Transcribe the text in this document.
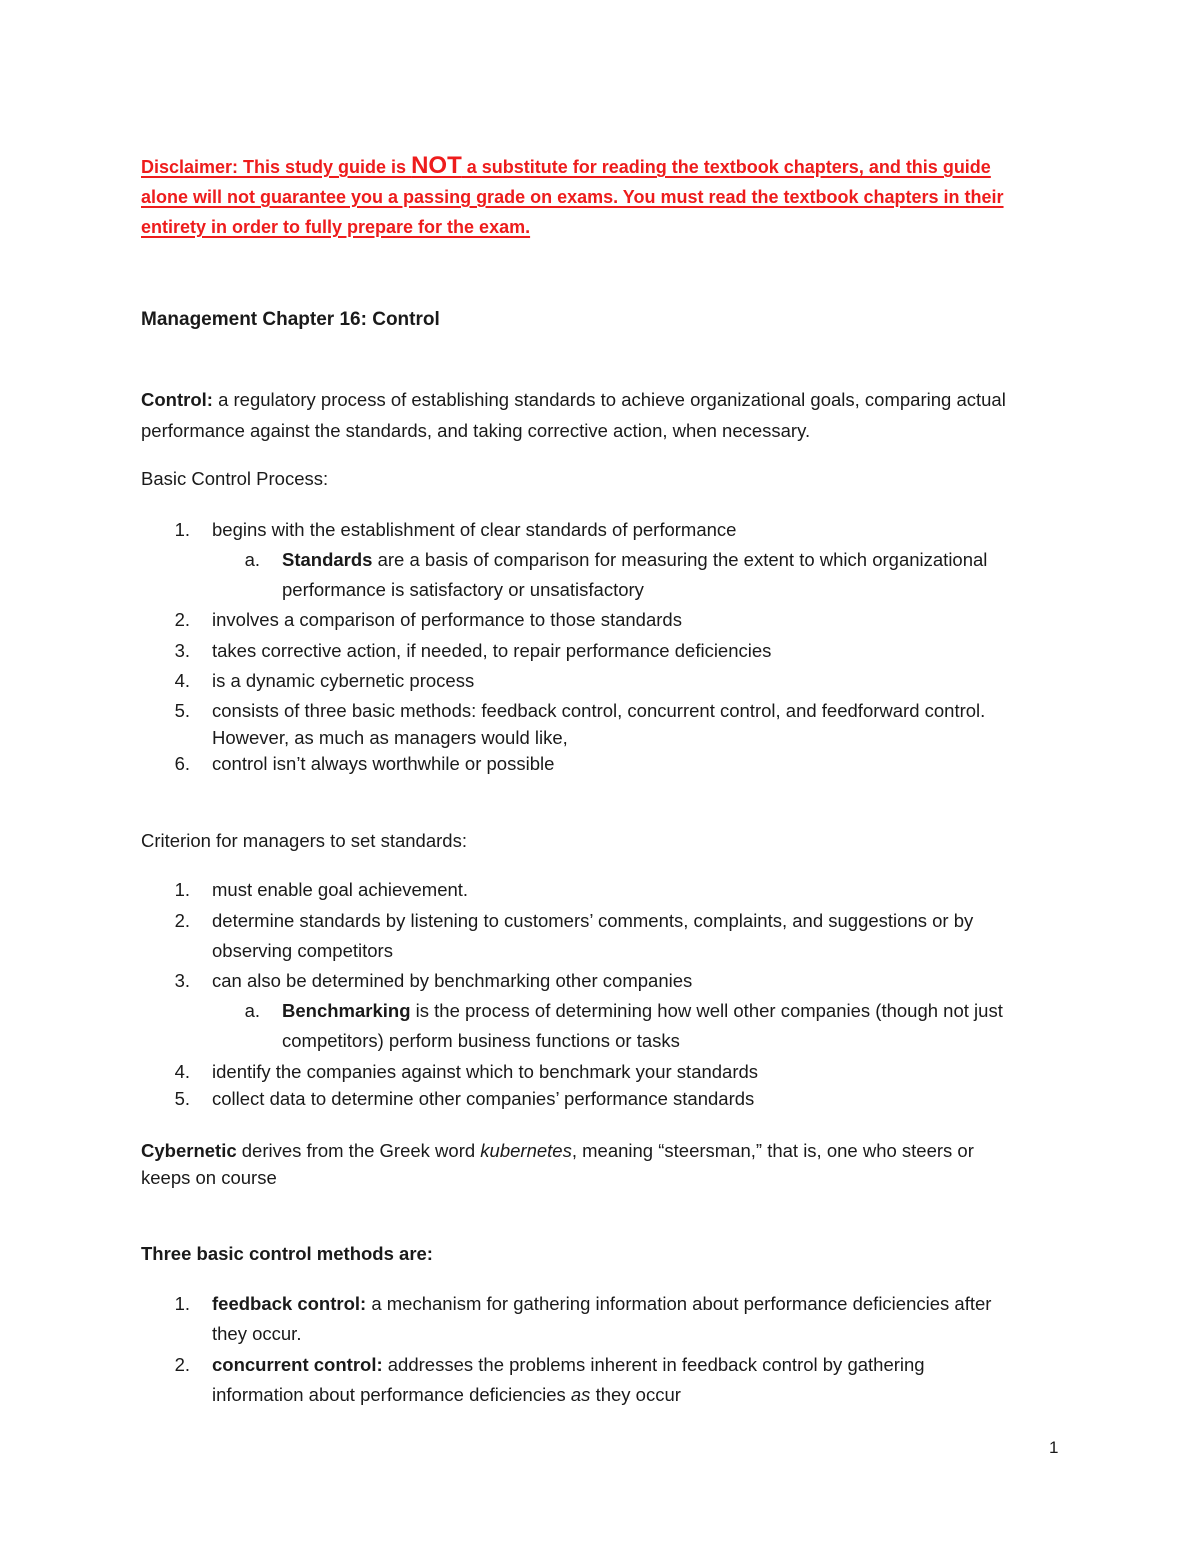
Disclaimer: This study guide is NOT a substitute for reading the textbook chapters, and this guide
alone will not guarantee you a passing grade on exams. You must read the textbook chapters in their
entirety in order to fully prepare for the exam.
Management Chapter 16: Control
Control: a regulatory process of establishing standards to achieve organizational goals, comparing actual
performance against the standards, and taking corrective action, when necessary.
Basic Control Process:
1. begins with the establishment of clear standards of performance
a. Standards are a basis of comparison for measuring the extent to which organizational
performance is satisfactory or unsatisfactory
2. involves a comparison of performance to those standards
3. takes corrective action, if needed, to repair performance deficiencies
4. is a dynamic cybernetic process
5. consists of three basic methods: feedback control, concurrent control, and feedforward control.
However, as much as managers would like,
6. control isn’t always worthwhile or possible
Criterion for managers to set standards:
1. must enable goal achievement.
2. determine standards by listening to customers’ comments, complaints, and suggestions or by
observing competitors
3. can also be determined by benchmarking other companies
a. Benchmarking is the process of determining how well other companies (though not just
competitors) perform business functions or tasks
4. identify the companies against which to benchmark your standards
5. collect data to determine other companies’ performance standards
Cybernetic derives from the Greek word kubernetes, meaning “steersman,” that is, one who steers or
keeps on course
Three basic control methods are:
1. feedback control: a mechanism for gathering information about performance deficiencies after
they occur.
2. concurrent control: addresses the problems inherent in feedback control by gathering
information about performance deficiencies as they occur
1
